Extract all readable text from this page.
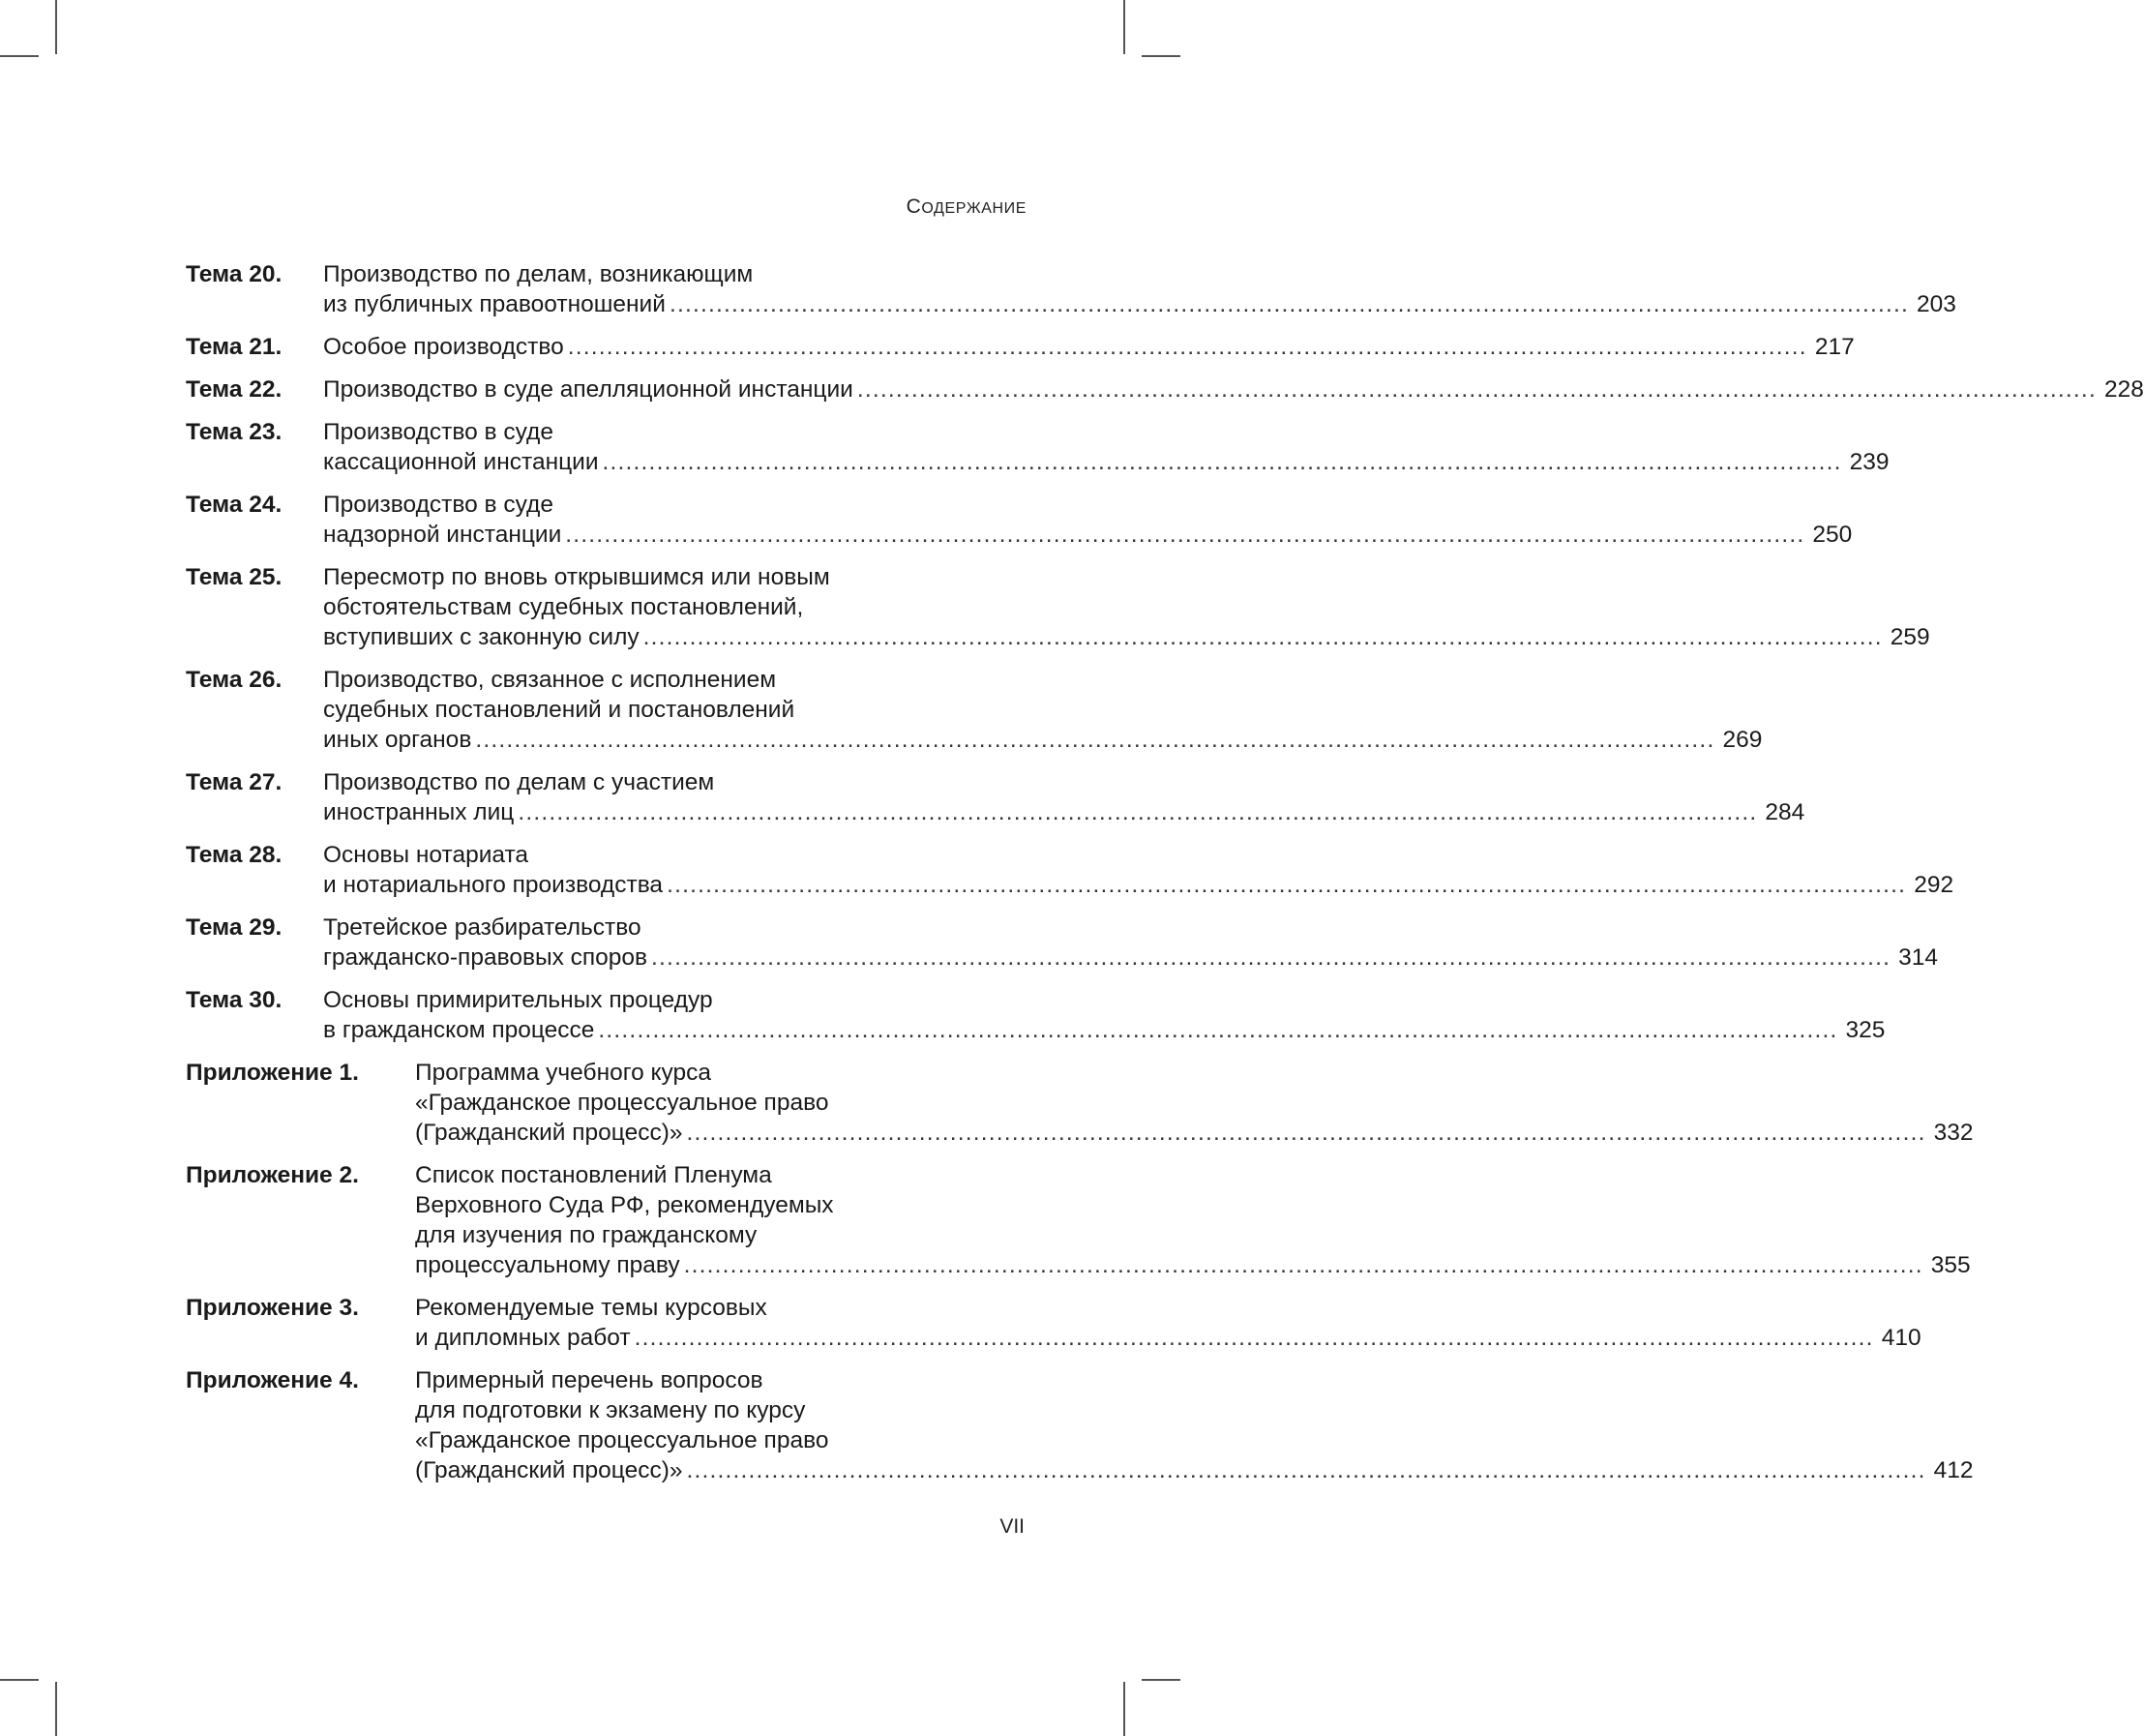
СОДЕРЖАНИЕ
Тема 20. Производство по делам, возникающим
из публичных правоотношений ................................................................................................................................................................ 203
Тема 21. Особое производство ................................................................................................................................................................ 217
Тема 22. Производство в суде апелляционной инстанции ................................................................................................................................................................ 228
Тема 23. Производство в суде
кассационной инстанции ................................................................................................................................................................ 239
Тема 24. Производство в суде
надзорной инстанции ................................................................................................................................................................ 250
Тема 25. Пересмотр по вновь открывшимся или новым
обстоятельствам судебных постановлений,
вступивших с законную силу ................................................................................................................................................................ 259
Тема 26. Производство, связанное с исполнением
судебных постановлений и постановлений
иных органов ................................................................................................................................................................ 269
Тема 27. Производство по делам с участием
иностранных лиц ................................................................................................................................................................ 284
Тема 28. Основы нотариата
и нотариального производства ................................................................................................................................................................ 292
Тема 29. Третейское разбирательство
гражданско-правовых споров ................................................................................................................................................................ 314
Тема 30. Основы примирительных процедур
в гражданском процессе ................................................................................................................................................................ 325
Приложение 1. Программа учебного курса
«Гражданское процессуальное право
(Гражданский процесс)» ................................................................................................................................................................ 332
Приложение 2. Список постановлений Пленума
Верховного Суда РФ, рекомендуемых
для изучения по гражданскому
процессуальному праву ................................................................................................................................................................ 355
Приложение 3. Рекомендуемые темы курсовых
и дипломных работ ................................................................................................................................................................ 410
Приложение 4. Примерный перечень вопросов
для подготовки к экзамену по курсу
«Гражданское процессуальное право
(Гражданский процесс)» ................................................................................................................................................................ 412
VII
